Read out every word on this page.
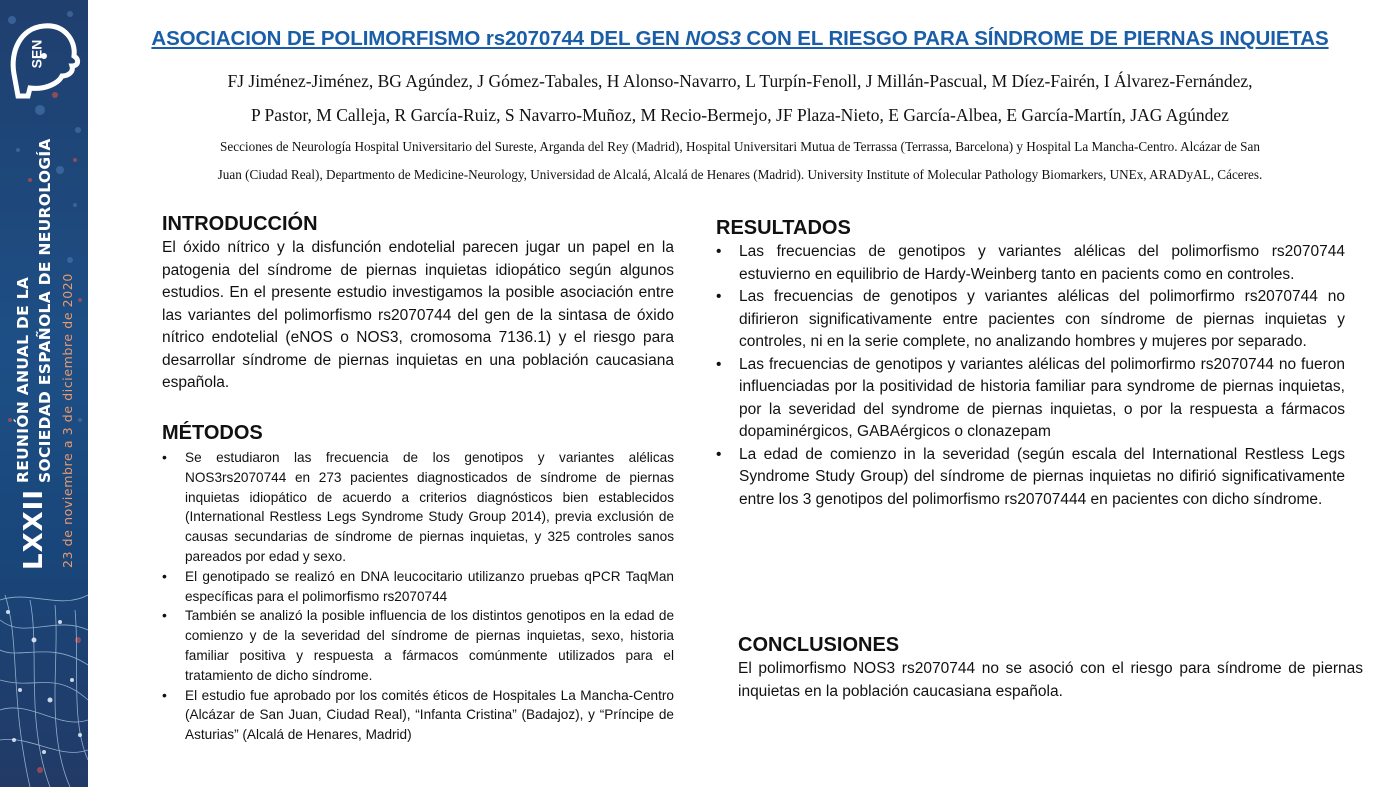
SEN
LXXIIREUNIÓN ANUAL DE LA SOCIEDAD ESPAÑOLA DE NEUROLOGÍA 23 de noviembre a 3 de diciembre de 2020
ASOCIACION DE POLIMORFISMO rs2070744 DEL GEN NOS3 CON EL RIESGO PARA SÍNDROME DE PIERNAS INQUIETAS
FJ Jiménez-Jiménez, BG Agúndez, J Gómez-Tabales, H Alonso-Navarro, L Turpín-Fenoll, J Millán-Pascual, M Díez-Fairén, I Álvarez-Fernández,
P Pastor, M Calleja, R García-Ruiz, S Navarro-Muñoz, M Recio-Bermejo, JF Plaza-Nieto, E García-Albea, E García-Martín, JAG Agúndez
Secciones de Neurología Hospital Universitario del Sureste, Arganda del Rey (Madrid), Hospital Universitari Mutua de Terrassa (Terrassa, Barcelona) y Hospital La Mancha-Centro. Alcázar de San
Juan (Ciudad Real), Departmento de Medicine-Neurology, Universidad de Alcalá, Alcalá de Henares (Madrid). University Institute of Molecular Pathology Biomarkers, UNEx, ARADyAL, Cáceres.
INTRODUCCIÓN

El óxido nítrico y la disfunción endotelial parecen jugar un papel en la patogenia del síndrome de piernas inquietas idiopático según algunos estudios. En el presente estudio investigamos la posible asociación entre las variantes del polimorfismo rs2070744 del gen de la sintasa de óxido nítrico endotelial (eNOS o NOS3, cromosoma 7136.1) y el riesgo para desarrollar síndrome de piernas inquietas en una población caucasiana española.

MÉTODOS
• Se estudiaron las frecuencia de los genotipos y variantes alélicas NOS3rs2070744 en 273 pacientes diagnosticados de síndrome de piernas inquietas idiopático de acuerdo a criterios diagnósticos bien establecidos (International Restless Legs Syndrome Study Group 2014), previa exclusión de causas secundarias de síndrome de piernas inquietas, y 325 controles sanos pareados por edad y sexo.
• El genotipado se realizó en DNA leucocitario utilizanzo pruebas qPCR TaqMan específicas para el polimorfismo rs2070744
• También se analizó la posible influencia de los distintos genotipos en la edad de comienzo y de la severidad del síndrome de piernas inquietas, sexo, historia familiar positiva y respuesta a fármacos comúnmente utilizados para el tratamiento de dicho síndrome.
• El estudio fue aprobado por los comités éticos de Hospitales La Mancha-Centro (Alcázar de San Juan, Ciudad Real), “Infanta Cristina” (Badajoz), y “Príncipe de Asturias” (Alcalá de Henares, Madrid)
RESULTADOS
• Las frecuencias de genotipos y variantes alélicas del polimorfismo rs2070744 estuvierno en equilibrio de Hardy-Weinberg tanto en pacients como en controles.
• Las frecuencias de genotipos y variantes alélicas del polimorfirmo rs2070744 no difirieron significativamente entre pacientes con síndrome de piernas inquietas y controles, ni en la serie complete, no analizando hombres y mujeres por separado.
• Las frecuencias de genotipos y variantes alélicas del polimorfirmo rs2070744 no fueron influenciadas por la positividad de historia familiar para syndrome de piernas inquietas, por la severidad del syndrome de piernas inquietas, o por la respuesta a fármacos dopaminérgicos, GABAérgicos o clonazepam
• La edad de comienzo in la severidad (según escala del International Restless Legs Syndrome Study Group) del síndrome de piernas inquietas no difirió significativamente entre los 3 genotipos del polimorfismo rs20707444 en pacientes con dicho síndrome.
CONCLUSIONES

El polimorfismo NOS3 rs2070744 no se asoció con el riesgo para síndrome de piernas inquietas en la población caucasiana española.
